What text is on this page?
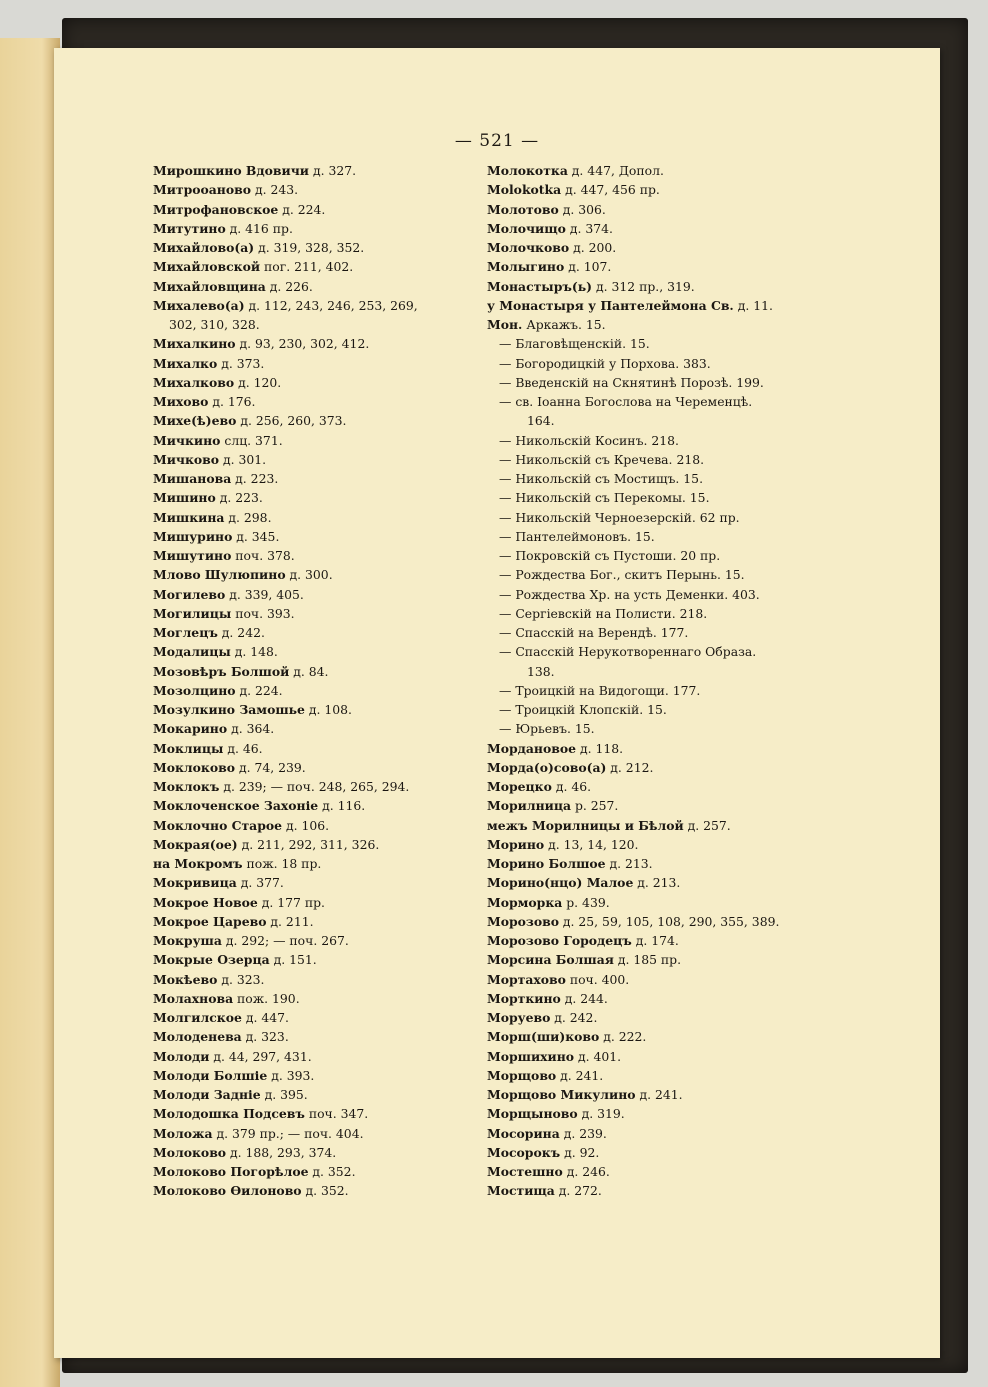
— 521 —
Мирошкино Вдовичи д. 327.
Митрооаново д. 243.
Митрофановское д. 224.
Митутино д. 416 пр.
Михайлово(а) д. 319, 328, 352.
Михайловской пог. 211, 402.
Михайловщина д. 226.
Михалево(а) д. 112, 243, 246, 253, 269,
302, 310, 328.
Михалкино д. 93, 230, 302, 412.
Михалко д. 373.
Михалково д. 120.
Михово д. 176.
Михе(ѣ)ево д. 256, 260, 373.
Мичкино слц. 371.
Мичково д. 301.
Мишанова д. 223.
Мишино д. 223.
Мишкина д. 298.
Мишурино д. 345.
Мишутино поч. 378.
Млово Шулюпино д. 300.
Могилево д. 339, 405.
Могилицы поч. 393.
Моглецъ д. 242.
Модалицы д. 148.
Мозовѣръ Болшой д. 84.
Мозолцино д. 224.
Мозулкино Замошье д. 108.
Мокарино д. 364.
Моклицы д. 46.
Моклоково д. 74, 239.
Моклокъ д. 239; — поч. 248, 265, 294.
Моклоченское Захоніе д. 116.
Моклочно Старое д. 106.
Мокрая(ое) д. 211, 292, 311, 326.
на Мокромъ пож. 18 пр.
Мокривица д. 377.
Мокрое Новое д. 177 пр.
Мокрое Царево д. 211.
Мокруша д. 292; — поч. 267.
Мокрые Озерца д. 151.
Мокѣево д. 323.
Молахнова пож. 190.
Молгилское д. 447.
Молоденева д. 323.
Молоди д. 44, 297, 431.
Молоди Болшіе д. 393.
Молоди Задніе д. 395.
Молодошка Подсевъ поч. 347.
Моложа д. 379 пр.; — поч. 404.
Молоково д. 188, 293, 374.
Молоково Погорѣлое д. 352.
Молоково Ѳилоново д. 352.
Молокотка д. 447, Допол.
Molokotka д. 447, 456 пр.
Молотово д. 306.
Молочищо д. 374.
Молочково д. 200.
Молыгино д. 107.
Монастыръ(ь) д. 312 пр., 319.
у Монастыря у Пантелеймона Св. д. 11.
Мон. Аркажъ. 15.
— Благовѣщенскій. 15.
— Богородицкій у Порхова. 383.
— Введенскій на Скнятинѣ Порозѣ. 199.
— св. Іоанна Богослова на Череменцѣ.
164.
— Никольскій Косинъ. 218.
— Никольскій съ Кречева. 218.
— Никольскій съ Мостищъ. 15.
— Никольскій съ Перекомы. 15.
— Никольскій Черноезерскій. 62 пр.
— Пантелеймоновъ. 15.
— Покровскій съ Пустоши. 20 пр.
— Рождества Бог., скитъ Перынь. 15.
— Рождества Хр. на усть Деменки. 403.
— Сергіевскій на Полисти. 218.
— Спасскій на Верендѣ. 177.
— Спасскій Нерукотвореннаго Образа.
138.
— Троицкій на Видогощи. 177.
— Троицкій Клопскій. 15.
— Юрьевъ. 15.
Мордановое д. 118.
Морда(о)сово(а) д. 212.
Морецко д. 46.
Морилница р. 257.
межъ Морилницы и Бѣлой д. 257.
Морино д. 13, 14, 120.
Морино Болшое д. 213.
Морино(нцо) Малое д. 213.
Морморка р. 439.
Морозово д. 25, 59, 105, 108, 290, 355, 389.
Морозово Городецъ д. 174.
Морсина Болшая д. 185 пр.
Мортахово поч. 400.
Морткино д. 244.
Моруево д. 242.
Морш(ши)ково д. 222.
Моршихино д. 401.
Морщово д. 241.
Морщово Микулино д. 241.
Морщыново д. 319.
Мосорина д. 239.
Мосорокъ д. 92.
Мостешно д. 246.
Мостища д. 272.
